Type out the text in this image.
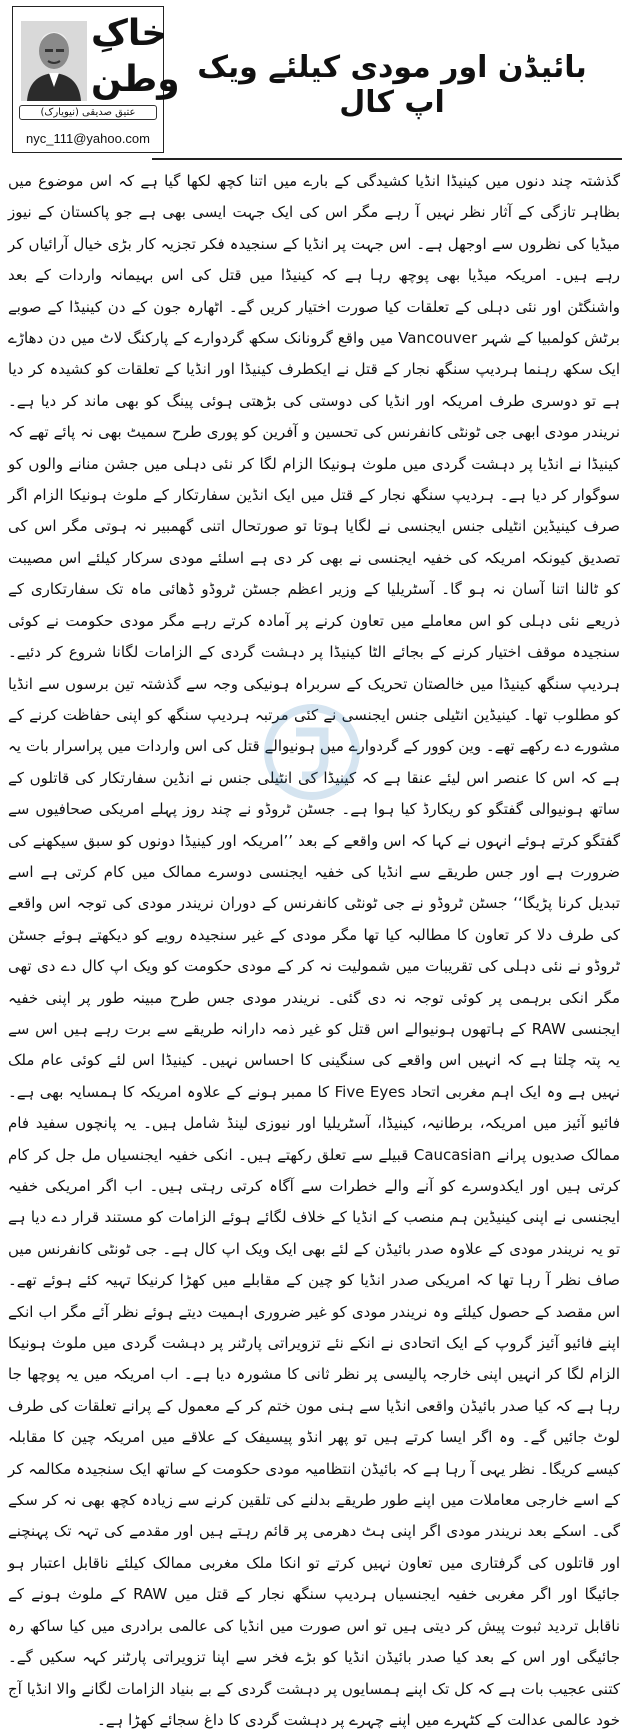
خاکِ
وطن
عتیق صدیقی (نیویارک)
nyc_111@yahoo.com
بائیڈن اور مودی کیلئے ویک اپ کال

گذشتہ چند دنوں میں کینیڈا انڈیا کشیدگی کے بارے میں اتنا کچھ لکھا گیا ہے کہ اس موضوع میں بظاہر تازگی کے آثار نظر نہیں آ رہے مگر اس کی ایک جہت ایسی بھی ہے جو پاکستان کے نیوز میڈیا کی نظروں سے اوجھل ہے۔ اس جہت پر انڈیا کے سنجیدہ فکر تجزیہ کار بڑی خیال آرائیاں کر رہے ہیں۔ امریکہ میڈیا بھی پوچھ رہا ہے کہ کینیڈا میں قتل کی اس بہیمانہ واردات کے بعد واشنگٹن اور نئی دہلی کے تعلقات کیا صورت اختیار کریں گے۔ اٹھارہ جون کے دن کینیڈا کے صوبے برٹش کولمبیا کے شہر Vancouver میں واقع گرونانک سکھ گردوارے کے پارکنگ لاٹ میں دن دھاڑے ایک سکھ رہنما ہردیپ سنگھ نجار کے قتل نے ایکطرف کینیڈا اور انڈیا کے تعلقات کو کشیدہ کر دیا ہے تو دوسری طرف امریکہ اور انڈیا کی دوستی کی بڑھتی ہوئی پینگ کو بھی ماند کر دیا ہے۔ نریندر مودی ابھی جی ٹونٹی کانفرنس کی تحسین و آفرین کو پوری طرح سمیٹ بھی نہ پائے تھے کہ کینیڈا نے انڈیا پر دہشت گردی میں ملوث ہونیکا الزام لگا کر نئی دہلی میں جشن منانے والوں کو سوگوار کر دیا ہے۔ ہردیپ سنگھ نجار کے قتل میں ایک انڈین سفارتکار کے ملوث ہونیکا الزام اگر صرف کینیڈین انٹیلی جنس ایجنسی نے لگایا ہوتا تو صورتحال اتنی گھمبیر نہ ہوتی مگر اس کی تصدیق کیونکہ امریکہ کی خفیہ ایجنسی نے بھی کر دی ہے اسلئے مودی سرکار کیلئے اس مصیبت کو ٹالنا اتنا آسان نہ ہو گا۔ آسٹریلیا کے وزیر اعظم جسٹن ٹروڈو ڈھائی ماہ تک سفارتکاری کے ذریعے نئی دہلی کو اس معاملے میں تعاون کرنے پر آمادہ کرتے رہے مگر مودی حکومت نے کوئی سنجیدہ موقف اختیار کرنے کے بجائے الٹا کینیڈا پر دہشت گردی کے الزامات لگانا شروع کر دئیے۔ ہردیپ سنگھ کینیڈا میں خالصتان تحریک کے سربراہ ہونیکی وجہ سے گذشتہ تین برسوں سے انڈیا کو مطلوب تھا۔ کینیڈین انٹیلی جنس ایجنسی نے کئی مرتبہ ہردیپ سنگھ کو اپنی حفاظت کرنے کے مشورے دے رکھے تھے۔ وین کوور کے گردوارے میں ہونیوالے قتل کی اس واردات میں پراسرار بات یہ ہے کہ اس کا عنصر اس لیئے عنقا ہے کہ کینیڈا کی انٹیلی جنس نے انڈین سفارتکار کی قاتلوں کے ساتھ ہونیوالی گفتگو کو ریکارڈ کیا ہوا ہے۔ جسٹن ٹروڈو نے چند روز پہلے امریکی صحافیوں سے گفتگو کرتے ہوئے انہوں نے کہا کہ اس واقعے کے بعد ’’امریکہ اور کینیڈا دونوں کو سبق سیکھنے کی ضرورت ہے اور جس طریقے سے انڈیا کی خفیہ ایجنسی دوسرے ممالک میں کام کرتی ہے اسے تبدیل کرنا پڑیگا‘‘ جسٹن ٹروڈو نے جی ٹونٹی کانفرنس کے دوران نریندر مودی کی توجہ اس واقعے کی طرف دلا کر تعاون کا مطالبہ کیا تھا مگر مودی کے غیر سنجیدہ رویے کو دیکھتے ہوئے جسٹن ٹروڈو نے نئی دہلی کی تقریبات میں شمولیت نہ کر کے مودی حکومت کو ویک اپ کال دے دی تھی مگر انکی برہمی پر کوئی توجہ نہ دی گئی۔ نریندر مودی جس طرح مبینہ طور پر اپنی خفیہ ایجنسی RAW کے ہاتھوں ہونیوالے اس قتل کو غیر ذمہ دارانہ طریقے سے برت رہے ہیں اس سے یہ پتہ چلتا ہے کہ انہیں اس واقعے کی سنگینی کا احساس نہیں۔ کینیڈا اس لئے کوئی عام ملک نہیں ہے وہ ایک اہم مغربی اتحاد Five Eyes کا ممبر ہونے کے علاوہ امریکہ کا ہمسایہ بھی ہے۔ فائیو آئیز میں امریکہ، برطانیہ، کینیڈا، آسٹریلیا اور نیوزی لینڈ شامل ہیں۔ یہ پانچوں سفید فام ممالک صدیوں پرانے Caucasian قبیلے سے تعلق رکھتے ہیں۔ انکی خفیہ ایجنسیاں مل جل کر کام کرتی ہیں اور ایکدوسرے کو آنے والے خطرات سے آگاہ کرتی رہتی ہیں۔ اب اگر امریکی خفیہ ایجنسی نے اپنی کینیڈین ہم منصب کے انڈیا کے خلاف لگائے ہوئے الزامات کو مستند قرار دے دیا ہے تو یہ نریندر مودی کے علاوہ صدر بائیڈن کے لئے بھی ایک ویک اپ کال ہے۔ جی ٹونٹی کانفرنس میں صاف نظر آ رہا تھا کہ امریکی صدر انڈیا کو چین کے مقابلے میں کھڑا کرنیکا تہیہ کئے ہوئے تھے۔ اس مقصد کے حصول کیلئے وہ نریندر مودی کو غیر ضروری اہمیت دیتے ہوئے نظر آئے مگر اب انکے اپنے فائیو آئیز گروپ کے ایک اتحادی نے انکے نئے تزویراتی پارٹنر پر دہشت گردی میں ملوث ہونیکا الزام لگا کر انہیں اپنی خارجہ پالیسی پر نظر ثانی کا مشورہ دیا ہے۔ اب امریکہ میں یہ پوچھا جا رہا ہے کہ کیا صدر بائیڈن واقعی انڈیا سے ہنی مون ختم کر کے معمول کے پرانے تعلقات کی طرف لوٹ جائیں گے۔ وہ اگر ایسا کرتے ہیں تو پھر انڈو پیسیفک کے علاقے میں امریکہ چین کا مقابلہ کیسے کریگا۔ نظر یہی آ رہا ہے کہ بائیڈن انتظامیہ مودی حکومت کے ساتھ ایک سنجیدہ مکالمہ کر کے اسے خارجی معاملات میں اپنے طور طریقے بدلنے کی تلقین کرنے سے زیادہ کچھ بھی نہ کر سکے گی۔ اسکے بعد نریندر مودی اگر اپنی ہٹ دھرمی پر قائم رہتے ہیں اور مقدمے کی تہہ تک پہنچنے اور قاتلوں کی گرفتاری میں تعاون نہیں کرتے تو انکا ملک مغربی ممالک کیلئے ناقابل اعتبار ہو جائیگا اور اگر مغربی خفیہ ایجنسیاں ہردیپ سنگھ نجار کے قتل میں RAW کے ملوث ہونے کے ناقابل تردید ثبوت پیش کر دیتی ہیں تو اس صورت میں انڈیا کی عالمی برادری میں کیا ساکھ رہ جائیگی اور اس کے بعد کیا صدر بائیڈن انڈیا کو بڑے فخر سے اپنا تزویراتی پارٹنر کہہ سکیں گے۔ کتنی عجیب بات ہے کہ کل تک اپنے ہمسایوں پر دہشت گردی کے بے بنیاد الزامات لگانے والا انڈیا آج خود عالمی عدالت کے کٹہرے میں اپنے چہرے پر دہشت گردی کا داغ سجائے کھڑا ہے۔
